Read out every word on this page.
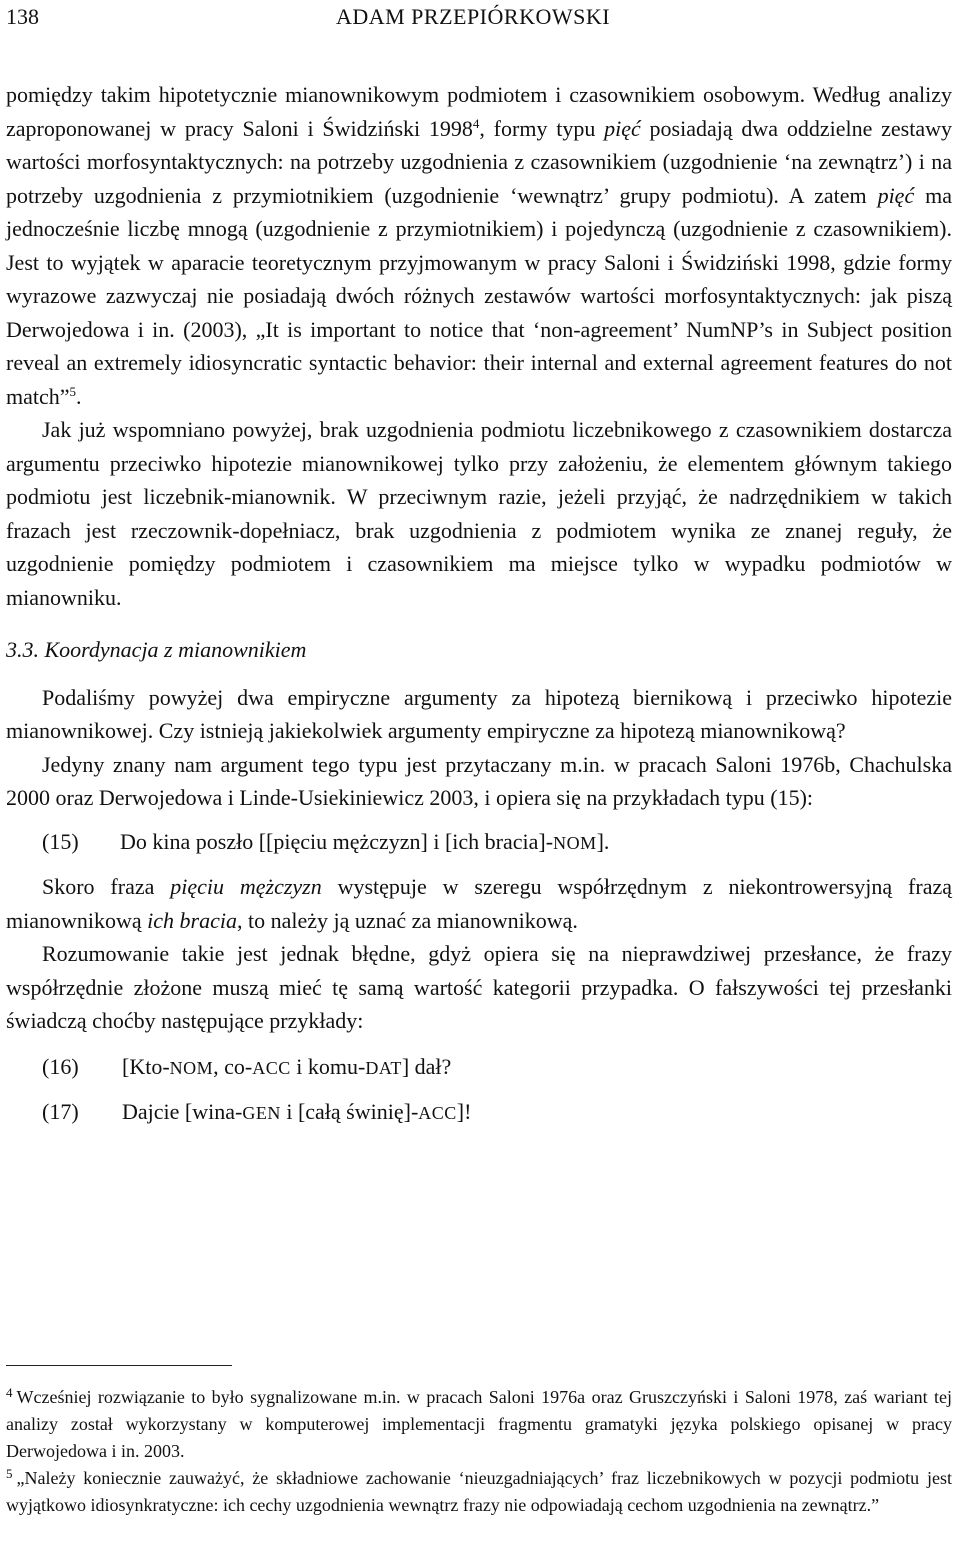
138	ADAM PRZEPIÓRKOWSKI

pomiędzy takim hipotetycznie mianownikowym podmiotem i czasownikiem osobowym. Według analizy zaproponowanej w pracy Saloni i Świdziński 1998$^4$, formy typu pięć posiadają dwa oddzielne zestawy wartości morfosyntaktycznych: na potrzeby uzgodnienia z czasownikiem (uzgodnienie ‘na zewnątrz’) i na potrzeby uzgodnienia z przymiotnikiem (uzgodnienie ‘wewnątrz’ grupy podmiotu). A zatem pięć ma jednocześnie liczbę mnogą (uzgodnienie z przymiotnikiem) i pojedynczą (uzgodnienie z czasownikiem). Jest to wyjątek w aparacie teoretycznym przyjmowanym w pracy Saloni i Świdziński 1998, gdzie formy wyrazowe zazwyczaj nie posiadają dwóch różnych zestawów wartości morfosyntaktycznych: jak piszą Derwojedowa i in. (2003), „It is important to notice that ‘non-agreement’ NumNP’s in Subject position reveal an extremely idiosyncratic syntactic behavior: their internal and external agreement features do not match”$^5$.

Jak już wspomniano powyżej, brak uzgodnienia podmiotu liczebnikowego z czasownikiem dostarcza argumentu przeciwko hipotezie mianownikowej tylko przy założeniu, że elementem głównym takiego podmiotu jest liczebnik-mianownik. W przeciwnym razie, jeżeli przyjąć, że nadrzędnikiem w takich frazach jest rzeczownik-dopełniacz, brak uzgodnienia z podmiotem wynika ze znanej reguły, że uzgodnienie pomiędzy podmiotem i czasownikiem ma miejsce tylko w wypadku podmiotów w mianowniku.

3.3. Koordynacja z mianownikiem

Podaliśmy powyżej dwa empiryczne argumenty za hipotezą biernikową i przeciwko hipotezie mianownikowej. Czy istnieją jakiekolwiek argumenty empiryczne za hipotezą mianownikową?

Jedyny znany nam argument tego typu jest przytaczany m.in. w pracach Saloni 1976b, Chachulska 2000 oraz Derwojedowa i Linde-Usiekiniewicz 2003, i opiera się na przykładach typu (15):

(15)	Do kina poszło [[pięciu mężczyzn] i [ich bracia]-NOM].

Skoro fraza pięciu mężczyzn występuje w szeregu współrzędnym z niekontrowersyjną frazą mianownikową ich bracia, to należy ją uznać za mianownikową.

Rozumowanie takie jest jednak błędne, gdyż opiera się na nieprawdziwej przesłance, że frazy współrzędnie złożone muszą mieć tę samą wartość kategorii przypadka. O fałszywości tej przesłanki świadczą choćby następujące przykłady:

(16)	[Kto-NOM, co-ACC i komu-DAT] dał?
(17)	Dajcie [wina-GEN i [całą świnię]-ACC]!

$^4$ Wcześniej rozwiązanie to było sygnalizowane m.in. w pracach Saloni 1976a oraz Gruszczyński i Saloni 1978, zaś wariant tej analizy został wykorzystany w komputerowej implementacji fragmentu gramatyki języka polskiego opisanej w pracy Derwojedowa i in. 2003.

$^5$ „Należy koniecznie zauważyć, że składniowe zachowanie ‘nieuzgadniających’ fraz liczebnikowych w pozycji podmiotu jest wyjątkowo idiosynkratyczne: ich cechy uzgodnienia wewnątrz frazy nie odpowiadają cechom uzgodnienia na zewnątrz.”
